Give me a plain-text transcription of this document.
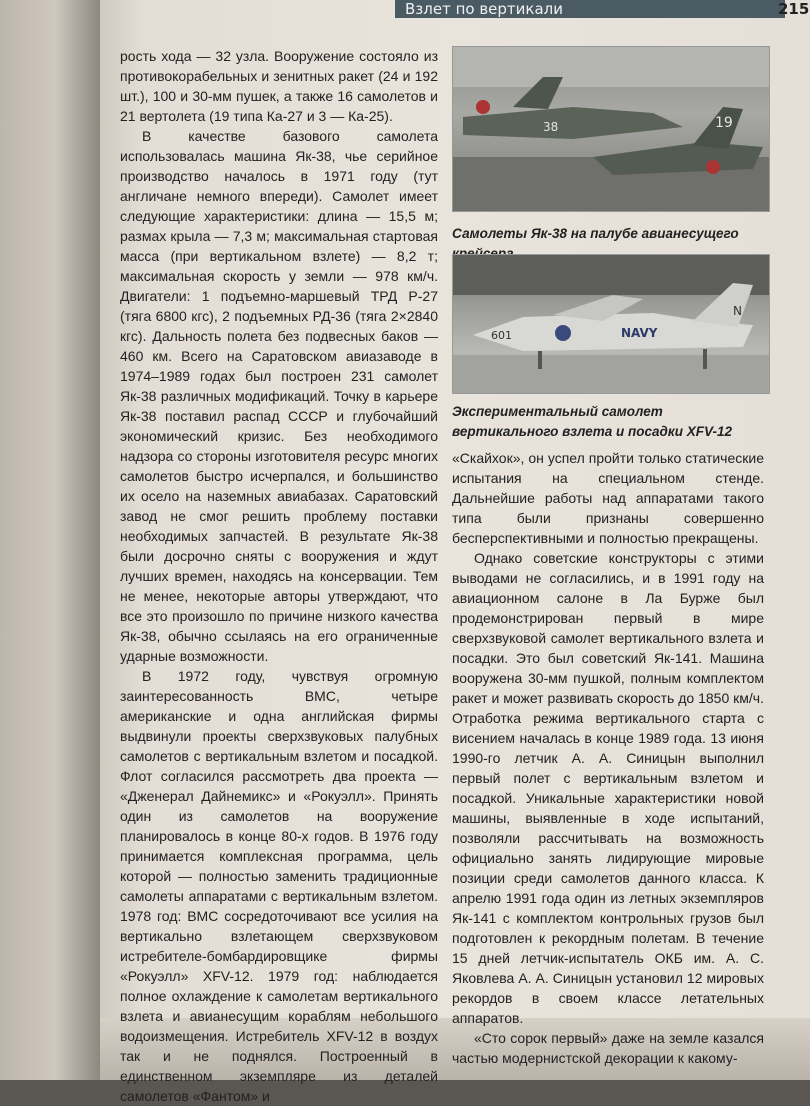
Взлет по вертикали	215

рость хода — 32 узла. Вооружение состояло из противокорабельных и зенитных ракет (24 и 192 шт.), 100 и 30-мм пушек, а также 16 самолетов и 21 вертолета (19 типа Ка-27 и 3 — Ка-25).

В качестве базового самолета использовалась машина Як-38, чье серийное производство началось в 1971 году (тут англичане немного впереди). Самолет имеет следующие характеристики: длина — 15,5 м; размах крыла — 7,3 м; максимальная стартовая масса (при вертикальном взлете) — 8,2 т; максимальная скорость у земли — 978 км/ч. Двигатели: 1 подъемно-маршевый ТРД Р-27 (тяга 6800 кгс), 2 подъемных РД-36 (тяга 2×2840 кгс). Дальность полета без подвесных баков — 460 км. Всего на Саратовском авиазаводе в 1974–1989 годах был построен 231 самолет Як-38 различных модификаций. Точку в карьере Як-38 поставил распад СССР и глубочайший экономический кризис. Без необходимого надзора со стороны изготовителя ресурс многих самолетов быстро исчерпался, и большинство их осело на наземных авиабазах. Саратовский завод не смог решить проблему поставки необходимых запчастей. В результате Як-38 были досрочно сняты с вооружения и ждут лучших времен, находясь на консервации. Тем не менее, некоторые авторы утверждают, что все это произошло по причине низкого качества Як-38, обычно ссылаясь на его ограниченные ударные возможности.

В 1972 году, чувствуя огромную заинтересованность ВМС, четыре американские и одна английская фирмы выдвинули проекты сверхзвуковых палубных самолетов с вертикальным взлетом и посадкой. Флот согласился рассмотреть два проекта — «Дженерал Дайнемикс» и «Рокуэлл». Принять один из самолетов на вооружение планировалось в конце 80-х годов. В 1976 году принимается комплексная программа, цель которой — полностью заменить традиционные самолеты аппаратами с вертикальным взлетом. 1978 год: ВМС сосредоточивают все усилия на вертикально взлетающем сверхзвуковом истребителе-бомбардировщике фирмы «Рокуэлл» XFV-12. 1979 год: наблюдается полное охлаждение к самолетам вертикального взлета и авианесущим кораблям небольшого водоизмещения. Истребитель XFV-12 в воздух так и не поднялся. Построенный в единственном экземпляре из деталей самолетов «Фантом» и

19
38
Самолеты Як-38 на палубе авианесущего
NAVY
601
N
Экспериментальный самолет вертикального взлета и посадки XFV-12

«Скайхок», он успел пройти только статические испытания на специальном стенде. Дальнейшие работы над аппаратами такого типа были признаны совершенно бесперспективными и полностью прекращены.

Однако советские конструкторы с этими выводами не согласились, и в 1991 году на авиационном салоне в Ла Бурже был продемонстрирован первый в мире сверхзвуковой самолет вертикального взлета и посадки. Это был советский Як-141. Машина вооружена 30-мм пушкой, полным комплектом ракет и может развивать скорость до 1850 км/ч. Отработка режима вертикального старта с висением началась в конце 1989 года. 13 июня 1990-го летчик А. А. Синицын выполнил первый полет с вертикальным взлетом и посадкой. Уникальные характеристики новой машины, выявленные в ходе испытаний, позволяли рассчитывать на возможность официально занять лидирующие мировые позиции среди самолетов данного класса. К апрелю 1991 года один из летных экземпляров Як-141 с комплектом контрольных грузов был подготовлен к рекордным полетам. В течение 15 дней летчик-испытатель ОКБ им. А. С. Яковлева А. А. Синицын установил 12 мировых рекордов в своем классе летательных аппаратов.

«Сто сорок первый» даже на земле казался частью модернистской декорации к какому-
